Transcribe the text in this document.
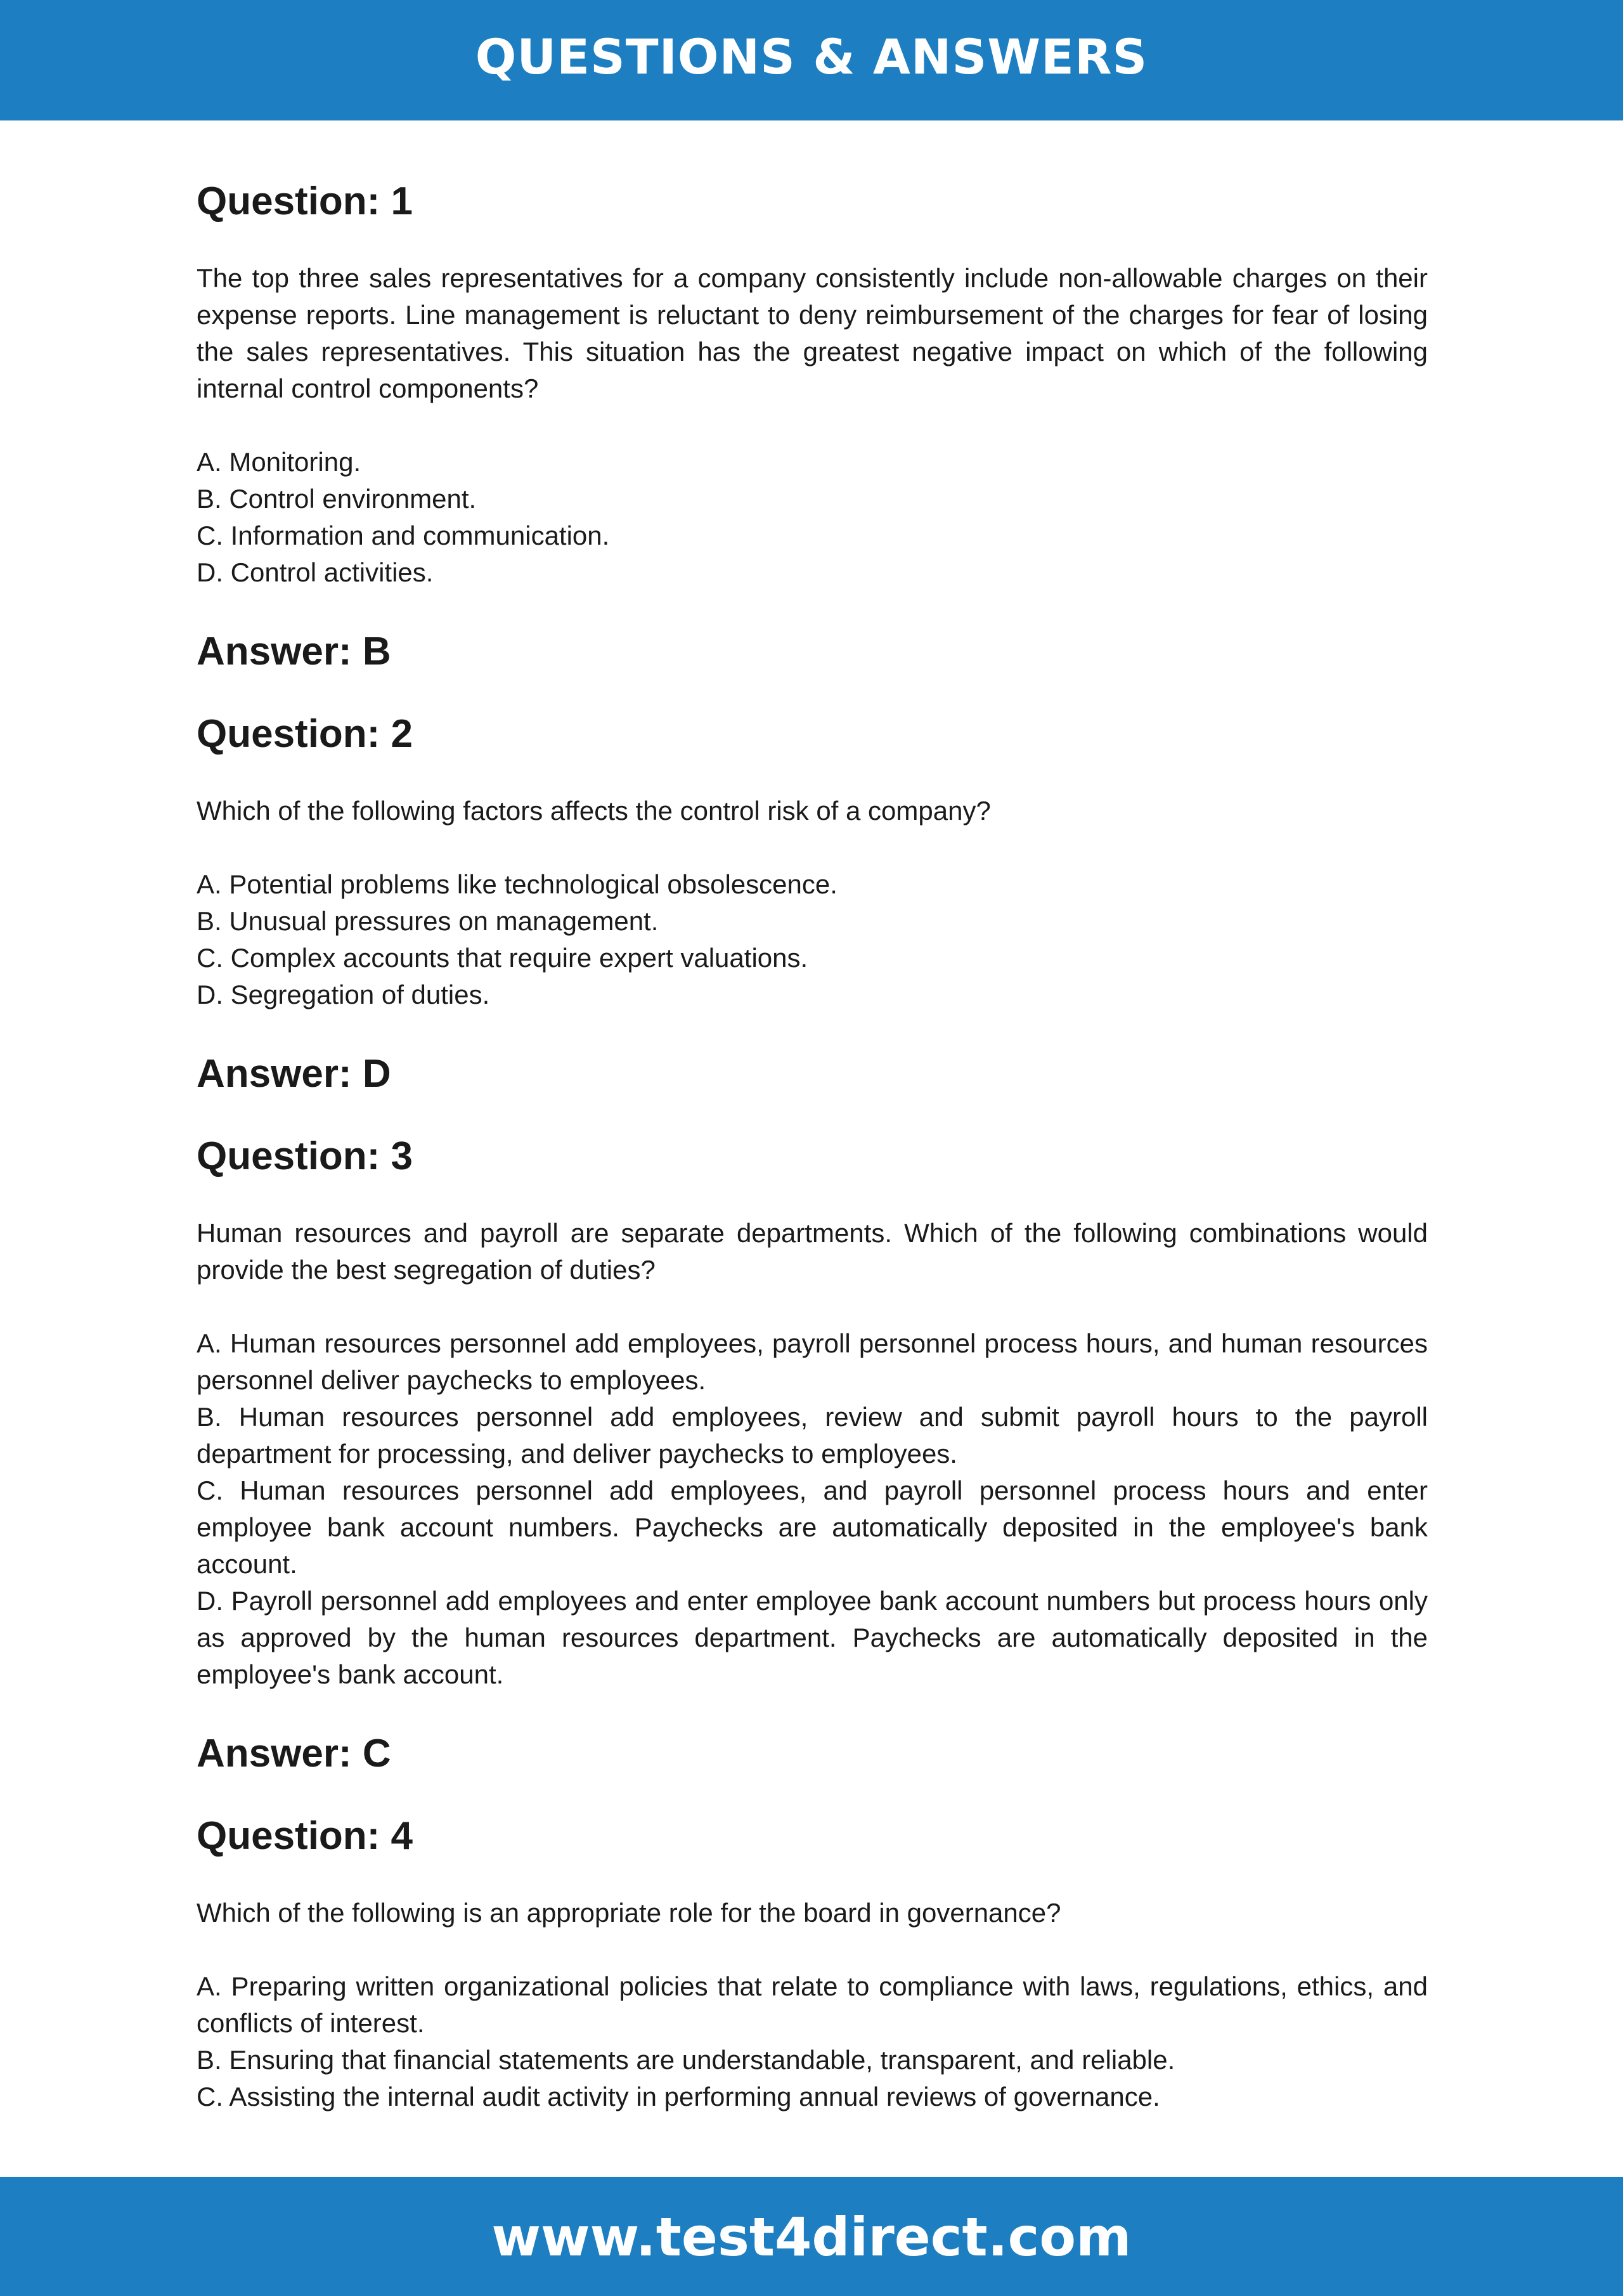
QUESTIONS & ANSWERS
Question: 1

The top three sales representatives for a company consistently include non-allowable charges on their expense reports. Line management is reluctant to deny reimbursement of the charges for fear of losing the sales representatives. This situation has the greatest negative impact on which of the following internal control components?

A. Monitoring.
B. Control environment.
C. Information and communication.
D. Control activities.
Answer: B
Question: 2

Which of the following factors affects the control risk of a company?

A. Potential problems like technological obsolescence.
B. Unusual pressures on management.
C. Complex accounts that require expert valuations.
D. Segregation of duties.
Answer: D
Question: 3

Human resources and payroll are separate departments. Which of the following combinations would provide the best segregation of duties?

A. Human resources personnel add employees, payroll personnel process hours, and human resources personnel deliver paychecks to employees.
B. Human resources personnel add employees, review and submit payroll hours to the payroll department for processing, and deliver paychecks to employees.
C. Human resources personnel add employees, and payroll personnel process hours and enter employee bank account numbers. Paychecks are automatically deposited in the employee's bank account.
D. Payroll personnel add employees and enter employee bank account numbers but process hours only as approved by the human resources department. Paychecks are automatically deposited in the employee's bank account.
Answer: C
Question: 4

Which of the following is an appropriate role for the board in governance?

A. Preparing written organizational policies that relate to compliance with laws, regulations, ethics, and conflicts of interest.
B. Ensuring that financial statements are understandable, transparent, and reliable.
C. Assisting the internal audit activity in performing annual reviews of governance.
www.test4direct.com
